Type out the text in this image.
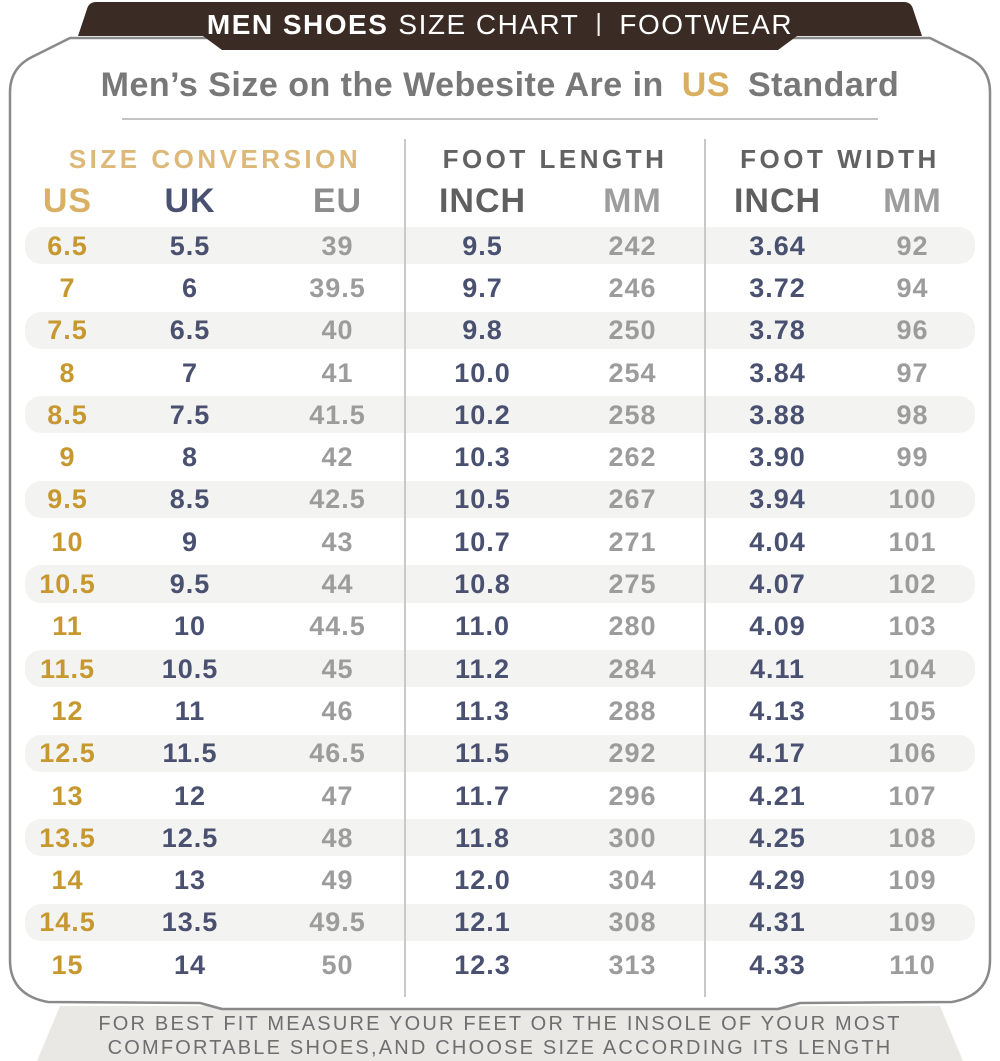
MEN SHOES SIZE CHART | FOOTWEAR
Men’s Size on the Webesite Are in US Standard
SIZE CONVERSION	FOOT LENGTH	FOOT WIDTH
US	UK	EU	INCH	MM	INCH	MM
6.5	5.5	39	9.5	242	3.64	92
7	6	39.5	9.7	246	3.72	94
7.5	6.5	40	9.8	250	3.78	96
8	7	41	10.0	254	3.84	97
8.5	7.5	41.5	10.2	258	3.88	98
9	8	42	10.3	262	3.90	99
9.5	8.5	42.5	10.5	267	3.94	100
10	9	43	10.7	271	4.04	101
10.5	9.5	44	10.8	275	4.07	102
11	10	44.5	11.0	280	4.09	103
11.5	10.5	45	11.2	284	4.11	104
12	11	46	11.3	288	4.13	105
12.5	11.5	46.5	11.5	292	4.17	106
13	12	47	11.7	296	4.21	107
13.5	12.5	48	11.8	300	4.25	108
14	13	49	12.0	304	4.29	109
14.5	13.5	49.5	12.1	308	4.31	109
15	14	50	12.3	313	4.33	110
FOR BEST FIT MEASURE YOUR FEET OR THE INSOLE OF YOUR MOST
COMFORTABLE SHOES,AND CHOOSE SIZE ACCORDING ITS LENGTH
